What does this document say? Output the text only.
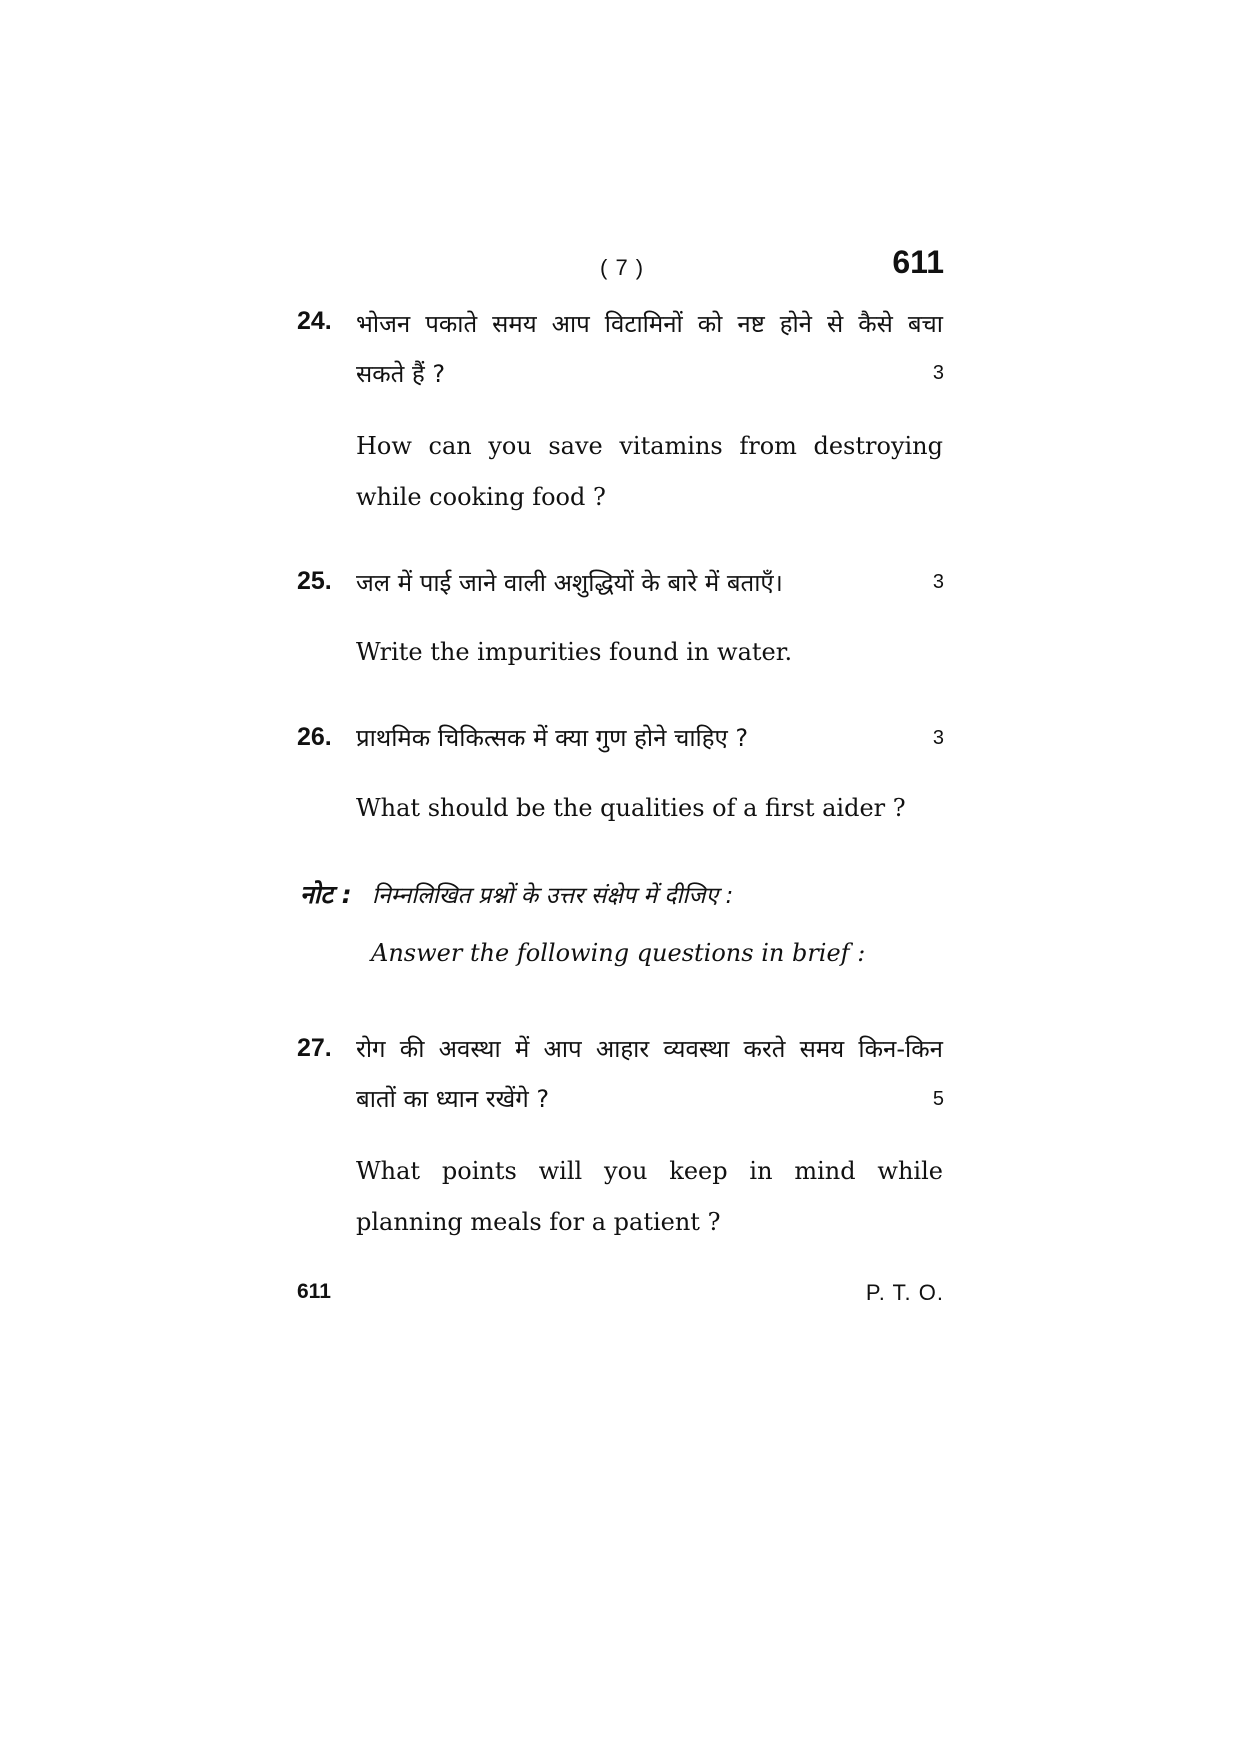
( 7 )	611
24. भोजन पकाते समय आप विटामिनों को नष्ट होने से कैसे बचा
सकते हैं ?	3
How can you save vitamins from destroying
while cooking food ?
25. जल में पाई जाने वाली अशुद्धियों के बारे में बताएँ।	3
Write the impurities found in water.
26. प्राथमिक चिकित्सक में क्या गुण होने चाहिए ?	3
What should be the qualities of a first aider ?
नोट : निम्नलिखित प्रश्नों के उत्तर संक्षेप में दीजिए :
Answer the following questions in brief :
27. रोग की अवस्था में आप आहार व्यवस्था करते समय किन-किन
बातों का ध्यान रखेंगे ?	5
What points will you keep in mind while
planning meals for a patient ?
611	P. T. O.
